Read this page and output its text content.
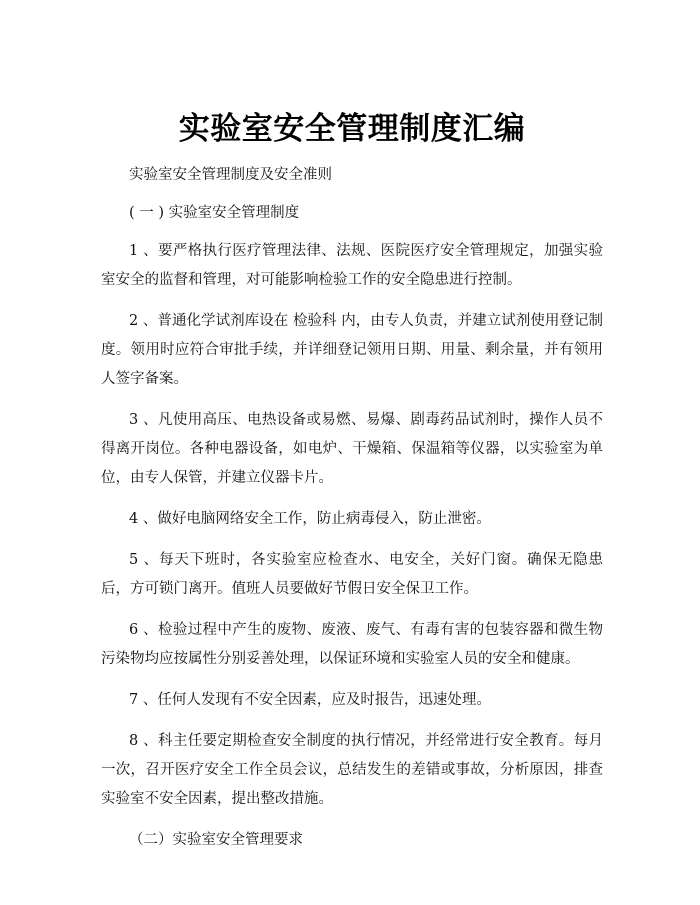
实验室安全管理制度汇编

实验室安全管理制度及安全准则

( 一 ) 实验室安全管理制度

1 、要严格执行医疗管理法律、法规、医院医疗安全管理规定，加强实验室安全的监督和管理，对可能影响检验工作的安全隐患进行控制。

2 、普通化学试剂库设在 检验科 内，由专人负责，并建立试剂使用登记制度。领用时应符合审批手续，并详细登记领用日期、用量、剩余量，并有领用人签字备案。

3 、凡使用高压、电热设备或易燃、易爆、剧毒药品试剂时，操作人员不得离开岗位。各种电器设备，如电炉、干燥箱、保温箱等仪器，以实验室为单位，由专人保管，并建立仪器卡片。

4 、做好电脑网络安全工作，防止病毒侵入，防止泄密。

5 、每天下班时，各实验室应检查水、电安全，关好门窗。确保无隐患后，方可锁门离开。值班人员要做好节假日安全保卫工作。

6 、检验过程中产生的废物、废液、废气、有毒有害的包装容器和微生物污染物均应按属性分别妥善处理，以保证环境和实验室人员的安全和健康。

7 、任何人发现有不安全因素，应及时报告，迅速处理。

8 、科主任要定期检查安全制度的执行情况，并经常进行安全教育。每月一次，召开医疗安全工作全员会议，总结发生的差错或事故，分析原因，排查实验室不安全因素，提出整改措施。

（二）实验室安全管理要求
